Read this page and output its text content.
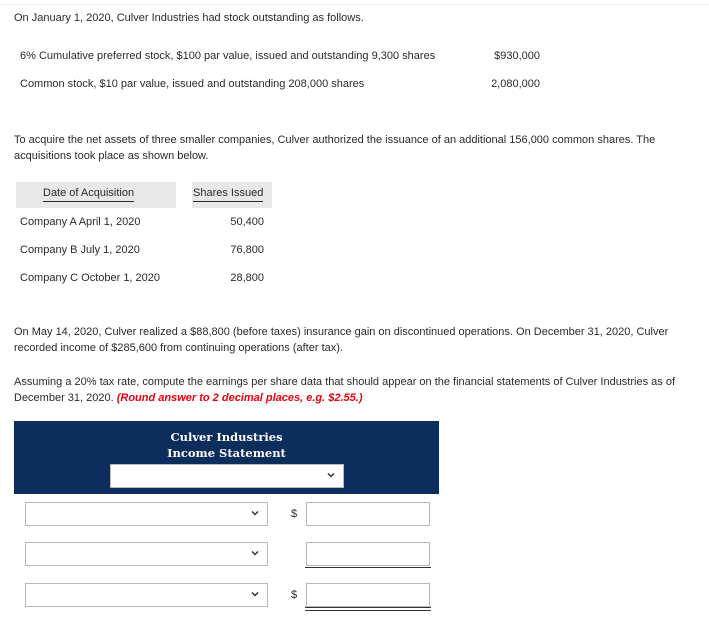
On January 1, 2020, Culver Industries had stock outstanding as follows.
6% Cumulative preferred stock, $100 par value, issued and outstanding 9,300 shares	$930,000
Common stock, $10 par value, issued and outstanding 208,000 shares	2,080,000
To acquire the net assets of three smaller companies, Culver authorized the issuance of an additional 156,000 common shares. The acquisitions took place as shown below.
Date of Acquisition	Shares Issued
Company A April 1, 2020	50,400
Company B July 1, 2020	76,800
Company C October 1, 2020	28,800
On May 14, 2020, Culver realized a $88,800 (before taxes) insurance gain on discontinued operations. On December 31, 2020, Culver recorded income of $285,600 from continuing operations (after tax).
Assuming a 20% tax rate, compute the earnings per share data that should appear on the financial statements of Culver Industries as of December 31, 2020. (Round answer to 2 decimal places, e.g. $2.55.)
Culver Industries
Income Statement
$
$
